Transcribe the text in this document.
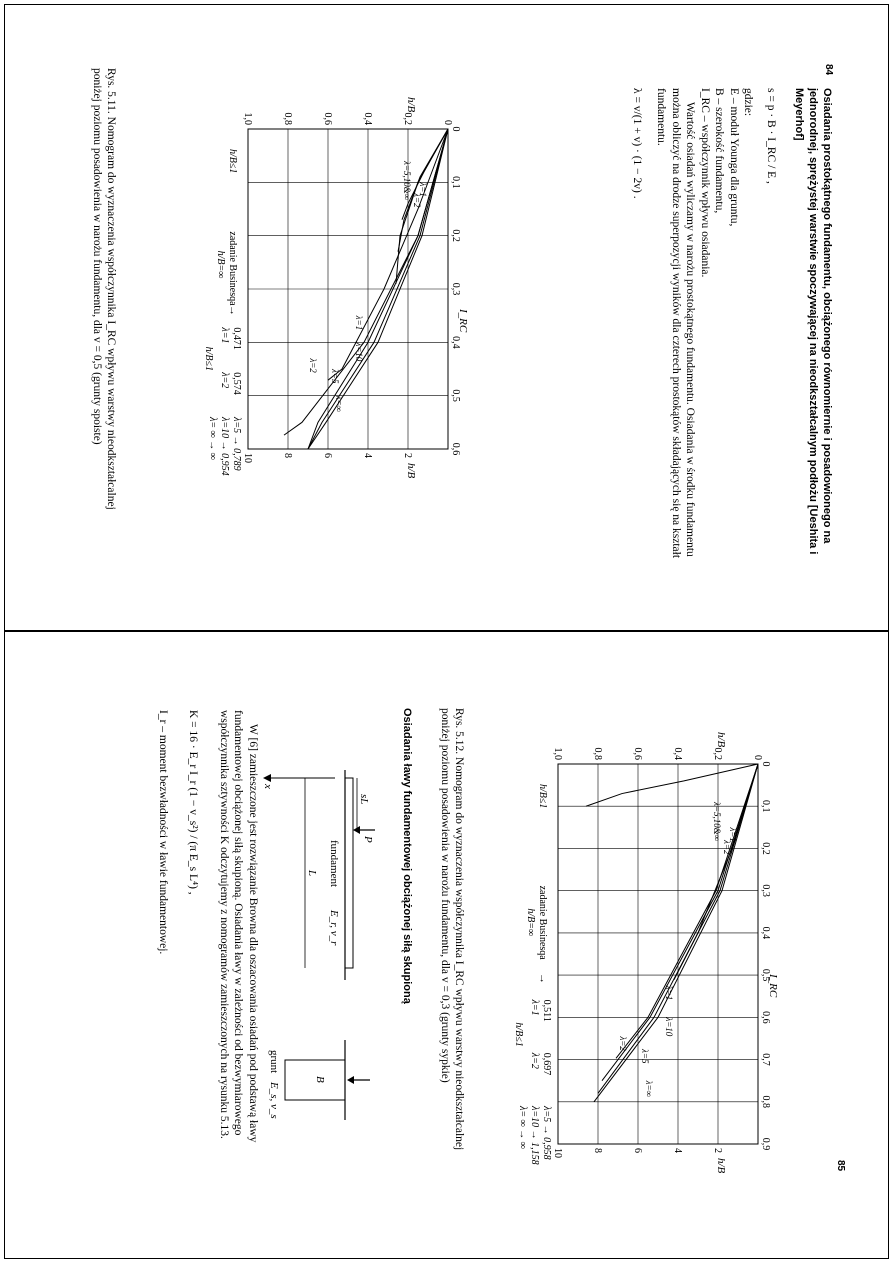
84
Osiadania prostokątnego fundamentu, obciążonego równomiernie i posadowionego na jednorodnej, sprężystej warstwie spoczywającej na nieodkształcalnym podłożu [Ueshita i Meyerhof]
s = p · B · I_RC / E ,
gdzie:
E – moduł Younga dla gruntu,
B – szerokość fundamentu,
I_RC – współczynnik wpływu osiadania.
Wartość osiadań wyliczamy w narożu prostokątnego fundamentu. Osiadania w środku fundamentu można obliczyć na drodze superpozycji wyników dla czterech prostokątów składających się na kształt fundamentu.
λ = v/(1 + v) · (1 − 2v) .
0
0,1
0,2
0,3
0,4
0,5
0,6
0
0,2
0,4
0,6
0,8
1,0
2
4
6
8
10
I_RC
h/B
h/B
λ=5,10&∞
λ=2
λ=1
λ=1
λ=2
λ=5
λ=10
λ=∞
h/B≤1
zadanie Businesqa
h/B=∞
→
0,471
λ=1
h/B≤1
0,574
λ=2
λ=5 → 0,789
λ=10 → 0,954
λ= ∞ → ∞
Rys. 5.11. Nomogram do wyznaczenia współczynnika I_RC wpływu warstwy nieodkształcalnej poniżej poziomu posadowienia w narożu fundamentu, dla v = 0,5 (grunty spoiste)
85
0
0,1
0,2
0,3
0,4
0,5
0,6
0,7
0,8
0,9
0
0,2
0,4
0,6
0,8
1,0
2
4
6
8
10
I_RC
h/B
h/B
λ=5,10&∞
λ=2
λ=1
λ=1
λ=2
λ=5
λ=10
λ=∞
h/B≤1
zadanie Businesqa
h/B=∞
→
0,511
λ=1
h/B≤1
0,697
λ=2
λ=5 → 0,958
λ=10 → 1,158
λ= ∞ → ∞
Rys. 5.12. Nomogram do wyznaczenia współczynnika I_RC wpływu warstwy nieodkształcalnej poniżej poziomu posadowienia w narożu fundamentu, dla v = 0,3 (grunty sypkie)
Osiadania ławy fundamentowej obciążonej siłą skupioną
P
sL
fundament
E_r, v_r
L
x
B
grunt
E_s, v_s
W [6] zamieszczone jest rozwiązanie Browna dla oszacowania osiadań pod podstawą ławy fundamentowej obciążonej siłą skupioną. Osiadania ławy w zależności od bezwymiarowego współczynnika sztywności K odczytujemy z nomogramów zamieszczonych na rysunku 5.13.
K = 16 · E_r I_r (1 − v_s²) / (π E_s L⁴) ,
I_r – moment bezwładności w ławie fundamentowej.
